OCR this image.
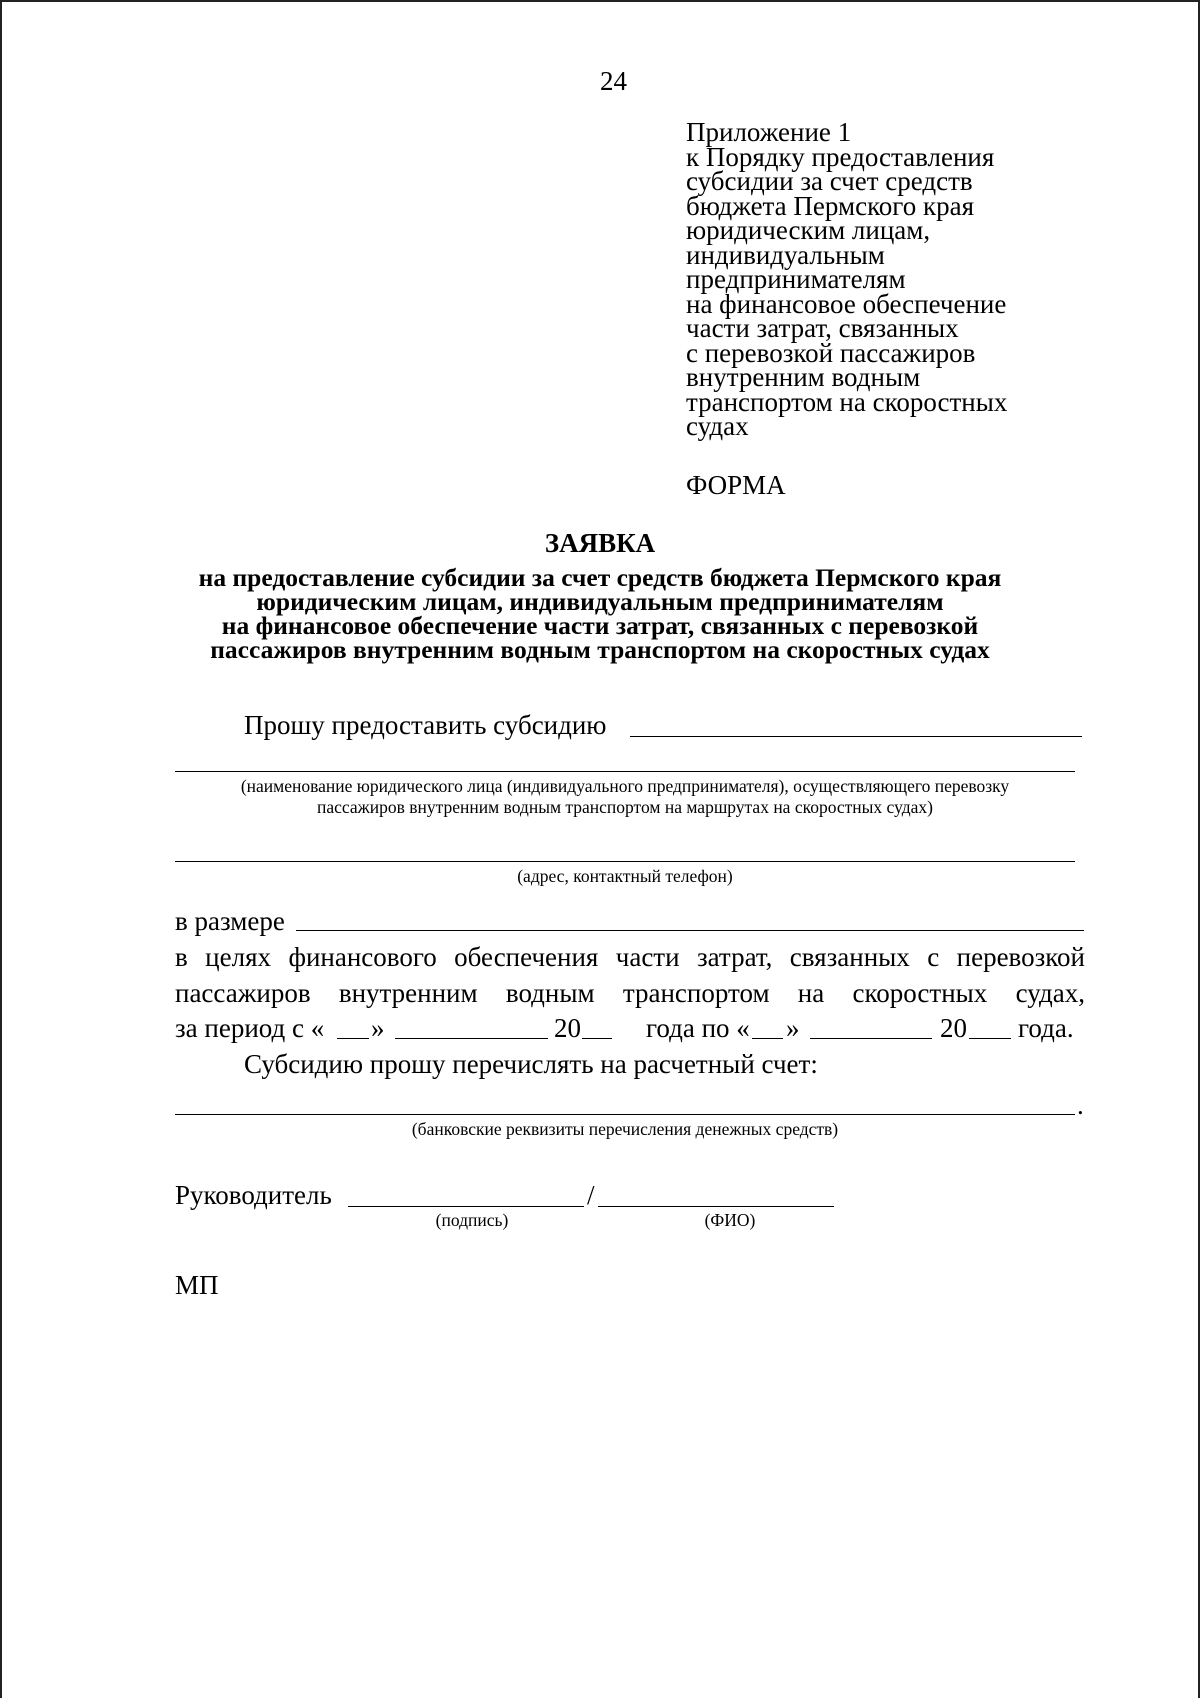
24
Приложение 1
к Порядку предоставления
субсидии за счет средств
бюджета Пермского края
юридическим лицам,
индивидуальным
предпринимателям
на финансовое обеспечение
части затрат, связанных
с перевозкой пассажиров
внутренним водным
транспортом на скоростных
судах
ФОРМА
ЗАЯВКА
на предоставление субсидии за счет средств бюджета Пермского края
юридическим лицам, индивидуальным предпринимателям
на финансовое обеспечение части затрат, связанных с перевозкой
пассажиров внутренним водным транспортом на скоростных судах
Прошу предоставить субсидию
(наименование юридического лица (индивидуального предпринимателя), осуществляющего перевозку
пассажиров внутренним водным транспортом на маршрутах на скоростных судах)
(адрес, контактный телефон)
в размере
в целях финансового обеспечения части затрат, связанных с перевозкой
пассажиров внутренним водным транспортом на скоростных судах,
за период с « »	20 года по « »	20 года.
Субсидию прошу перечислять на расчетный счет:
.
(банковские реквизиты перечисления денежных средств)
Руководитель	/
(подпись)	(ФИО)
МП
